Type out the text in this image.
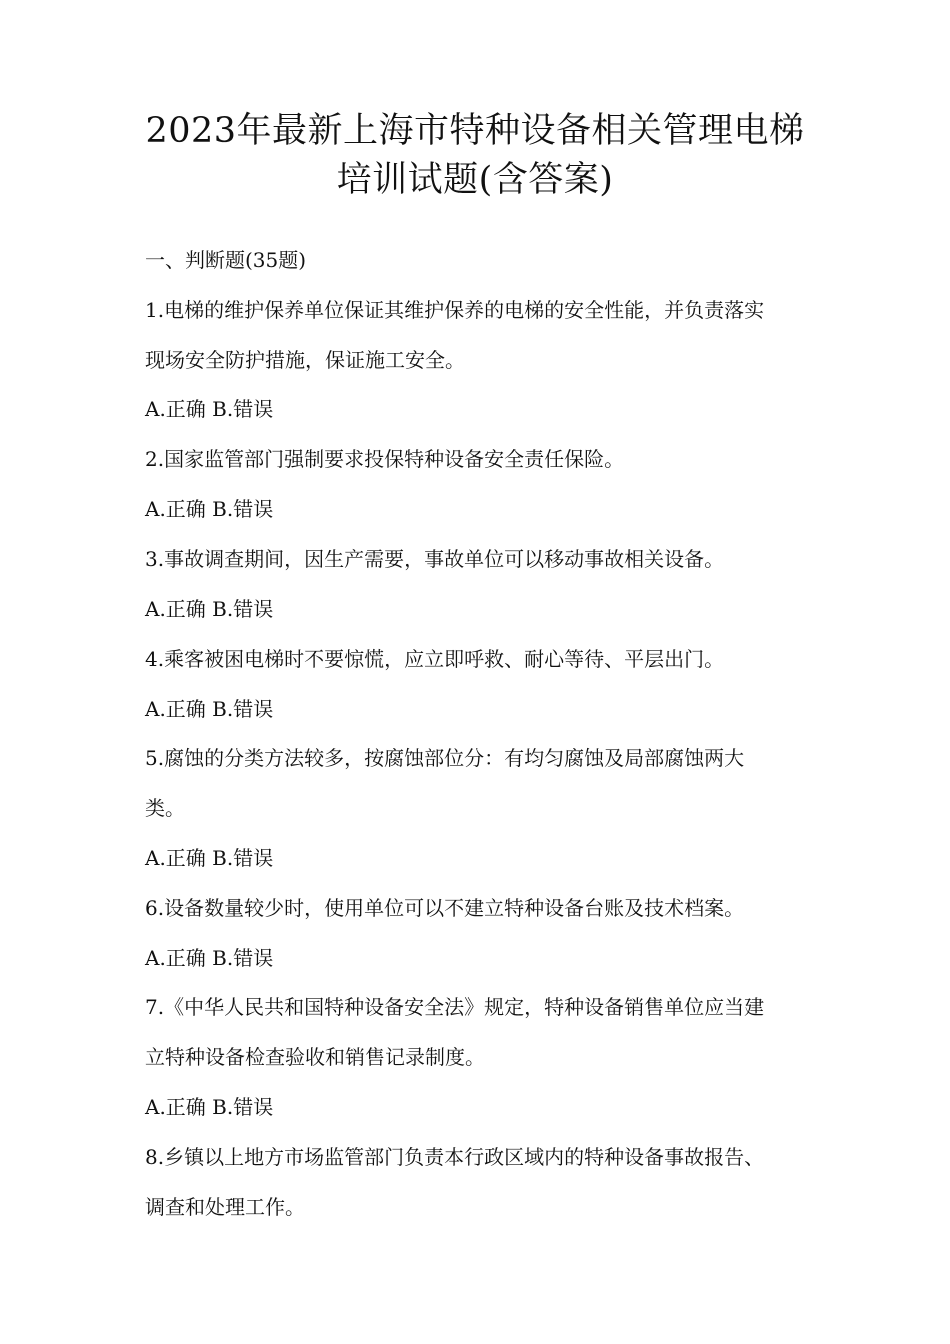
2023年最新上海市特种设备相关管理电梯
培训试题(含答案)
一、判断题(35题)
1.电梯的维护保养单位保证其维护保养的电梯的安全性能，并负责落实
现场安全防护措施，保证施工安全。
A.正确 B.错误
2.国家监管部门强制要求投保特种设备安全责任保险。
A.正确 B.错误
3.事故调查期间，因生产需要，事故单位可以移动事故相关设备。
A.正确 B.错误
4.乘客被困电梯时不要惊慌，应立即呼救、耐心等待、平层出门。
A.正确 B.错误
5.腐蚀的分类方法较多，按腐蚀部位分：有均匀腐蚀及局部腐蚀两大
类。
A.正确 B.错误
6.设备数量较少时，使用单位可以不建立特种设备台账及技术档案。
A.正确 B.错误
7.《中华人民共和国特种设备安全法》规定，特种设备销售单位应当建
立特种设备检查验收和销售记录制度。
A.正确 B.错误
8.乡镇以上地方市场监管部门负责本行政区域内的特种设备事故报告、
调查和处理工作。
